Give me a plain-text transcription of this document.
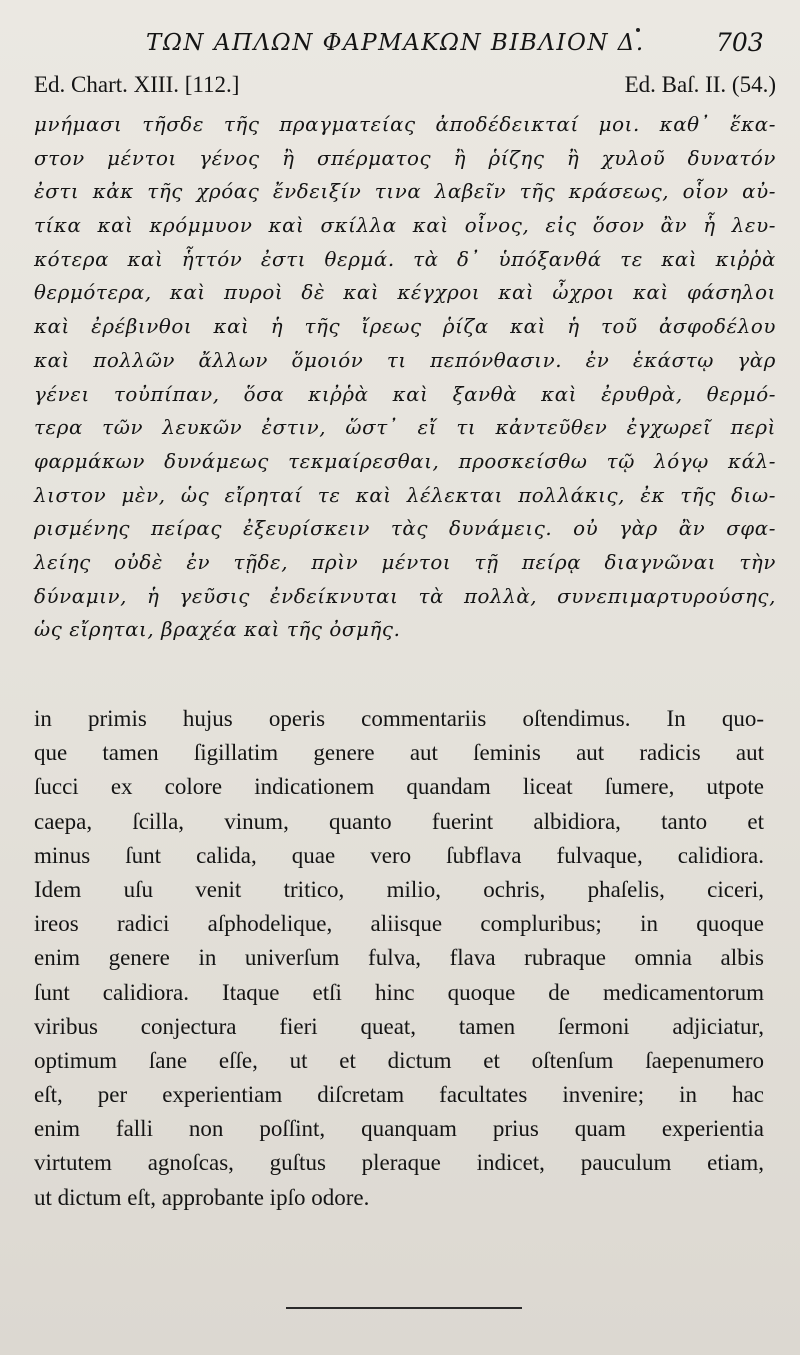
ΤΩΝ ΑΠΛΩΝ ΦΑΡΜΑΚΩΝ ΒΙΒΛΙΟΝ Δ.	703
Ed. Chart. XIII. [112.]	Ed. Baſ. II. (54.)
μνήμασι τῆσδε τῆς πραγματείας ἀποδέδεικταί μοι. καθ᾽ ἕκα-
στον μέντοι γένος ἢ σπέρματος ἢ ῥίζης ἢ χυλοῦ δυνατόν
ἐστι κἀκ τῆς χρόας ἔνδειξίν τινα λαβεῖν τῆς κράσεως, οἷον αὐ-
τίκα καὶ κρόμμυον καὶ σκίλλα καὶ οἶνος, εἰς ὅσον ἂν ἧ λευ-
κότερα καὶ ἧττόν ἐστι θερμά. τὰ δ᾽ ὑπόξανθά τε καὶ κιῤῥὰ
θερμότερα, καὶ πυροὶ δὲ καὶ κέγχροι καὶ ὦχροι καὶ φάσηλοι
καὶ ἐρέβινθοι καὶ ἡ τῆς ἴρεως ῥίζα καὶ ἡ τοῦ ἀσφοδέλου
καὶ πολλῶν ἄλλων ὅμοιόν τι πεπόνθασιν. ἐν ἑκάστῳ γὰρ
γένει τοὐπίπαν, ὅσα κιῤῥὰ καὶ ξανθὰ καὶ ἐρυθρὰ, θερμό-
τερα τῶν λευκῶν ἐστιν, ὥστ᾽ εἴ τι κἀντεῦθεν ἐγχωρεῖ περὶ
φαρμάκων δυνάμεως τεκμαίρεσθαι, προσκείσθω τῷ λόγῳ κάλ-
λιστον μὲν, ὡς εἴρηταί τε καὶ λέλεκται πολλάκις, ἐκ τῆς διω-
ρισμένης πείρας ἐξευρίσκειν τὰς δυνάμεις. οὐ γὰρ ἂν σφα-
λείης οὐδὲ ἐν τῇδε, πρὶν μέντοι τῇ πείρᾳ διαγνῶναι τὴν
δύναμιν, ἡ γεῦσις ἐνδείκνυται τὰ πολλὰ, συνεπιμαρτυρούσης,
ὡς εἴρηται, βραχέα καὶ τῆς ὀσμῆς.
in primis hujus operis commentariis oſtendimus. In quo-
que tamen ſigillatim genere aut ſeminis aut radicis aut
ſucci ex colore indicationem quandam liceat ſumere, utpote
caepa, ſcilla, vinum, quanto fuerint albidiora, tanto et
minus ſunt calida, quae vero ſubflava fulvaque, calidiora.
Idem uſu venit tritico, milio, ochris, phaſelis, ciceri,
ireos radici aſphodelique, aliisque compluribus; in quoque
enim genere in univerſum fulva, flava rubraque omnia albis
ſunt calidiora. Itaque etſi hinc quoque de medicamentorum
viribus conjectura fieri queat, tamen ſermoni adjiciatur,
optimum ſane eſſe, ut et dictum et oſtenſum ſaepenumero
eſt, per experientiam diſcretam facultates invenire; in hac
enim falli non poſſint, quanquam prius quam experientia
virtutem agnoſcas, guſtus pleraque indicet, pauculum etiam,
ut dictum eſt, approbante ipſo odore.
